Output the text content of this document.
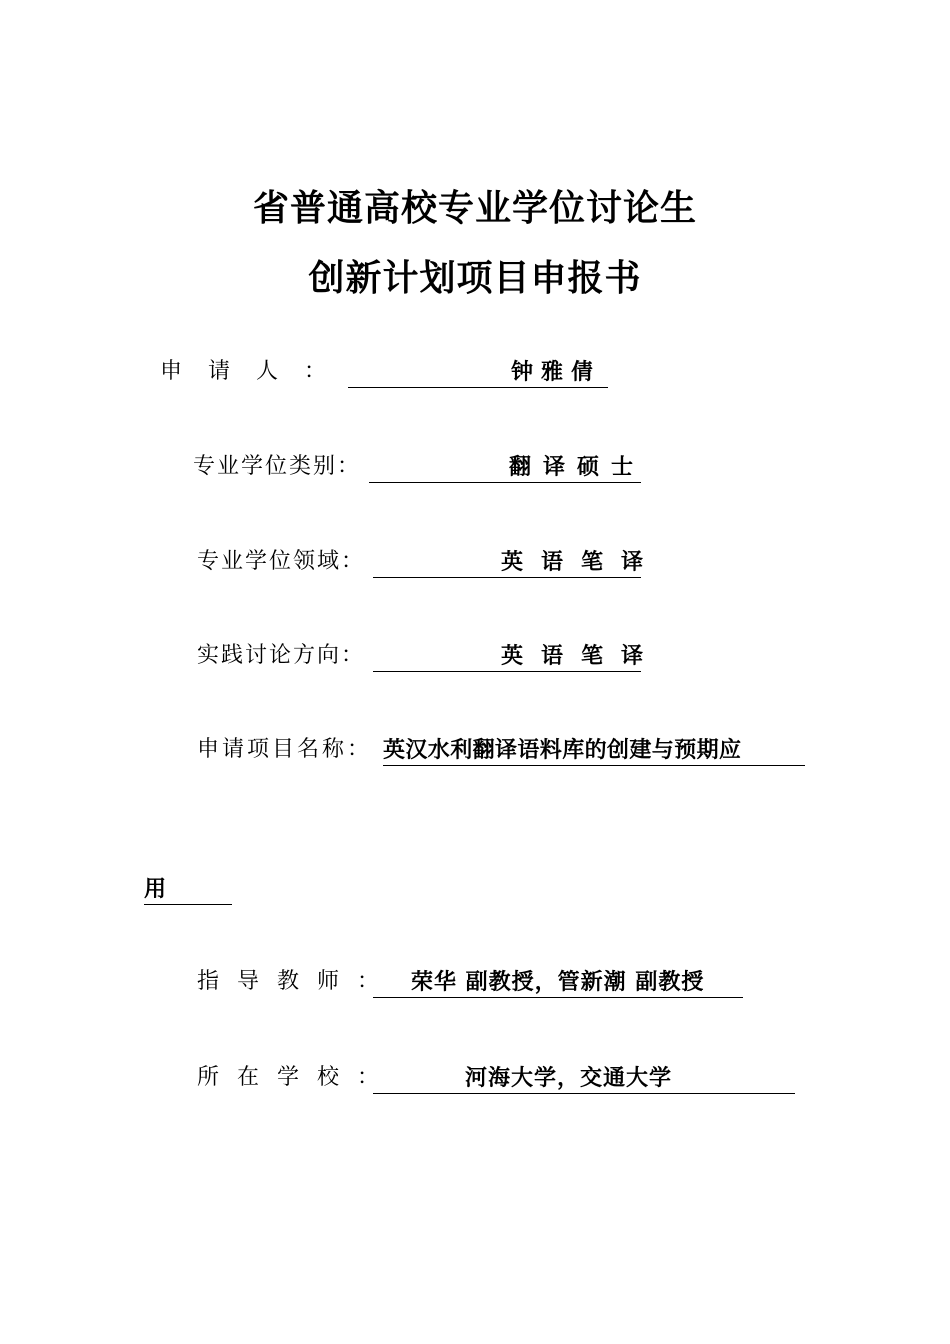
省普通高校专业学位讨论生
创新计划项目申报书
申请人：	钟雅倩
专业学位类别：	翻译硕士
专业学位领域：	英语笔译
实践讨论方向：	英语笔译
申请项目名称： 英汉水利翻译语料库的创建与预期应
用
指导教师： 荣华 副教授，管新潮 副教授
所在学校：	河海大学，交通大学
